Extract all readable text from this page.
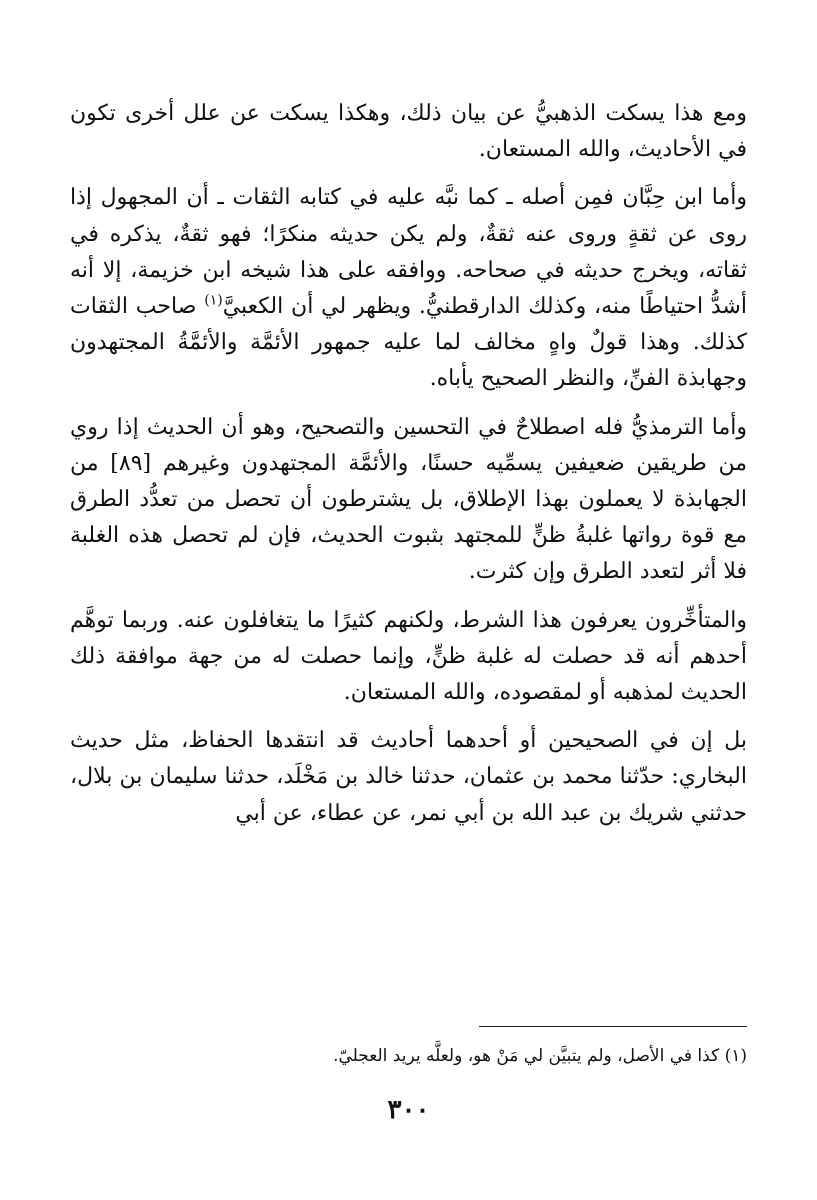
ومع هذا يسكت الذهبيُّ عن بيان ذلك، وهكذا يسكت عن علل أخرى تكون في الأحاديث، والله المستعان.

وأما ابن حِبَّان فمِن أصله ـ كما نبَّه عليه في كتابه الثقات ـ أن المجهول إذا روى عن ثقةٍ وروى عنه ثقةٌ، ولم يكن حديثه منكرًا؛ فهو ثقةٌ، يذكره في ثقاته، ويخرج حديثه في صحاحه. ووافقه على هذا شيخه ابن خزيمة، إلا أنه أشدُّ احتياطًا منه، وكذلك الدارقطنيُّ. ويظهر لي أن الكعبيَّ$^{(١)}$ صاحب الثقات كذلك. وهذا قولٌ واهٍ مخالف لما عليه جمهور الأئمَّة والأئمَّةُ المجتهدون وجهابذة الفنِّ، والنظر الصحيح يأباه.

وأما الترمذيُّ فله اصطلاحٌ في التحسين والتصحيح، وهو أن الحديث إذا روي من طريقين ضعيفين يسمِّيه حسنًا، والأئمَّة المجتهدون وغيرهم [٨٩] من الجهابذة لا يعملون بهذا الإطلاق، بل يشترطون أن تحصل من تعدُّد الطرق مع قوة رواتها غلبةُ ظنٍّ للمجتهد بثبوت الحديث، فإن لم تحصل هذه الغلبة فلا أثر لتعدد الطرق وإن كثرت.

والمتأخِّرون يعرفون هذا الشرط، ولكنهم كثيرًا ما يتغافلون عنه. وربما توهَّم أحدهم أنه قد حصلت له غلبة ظنٍّ، وإنما حصلت له من جهة موافقة ذلك الحديث لمذهبه أو لمقصوده، والله المستعان.

بل إن في الصحيحين أو أحدهما أحاديث قد انتقدها الحفاظ، مثل حديث البخاري: حدّثنا محمد بن عثمان، حدثنا خالد بن مَخْلَد، حدثنا سليمان بن بلال، حدثني شريك بن عبد الله بن أبي نمر، عن عطاء، عن أبي

(١) كذا في الأصل، ولم يتبيَّن لي مَنْ هو، ولعلَّه يريد العجليّ.

٣٠٠
